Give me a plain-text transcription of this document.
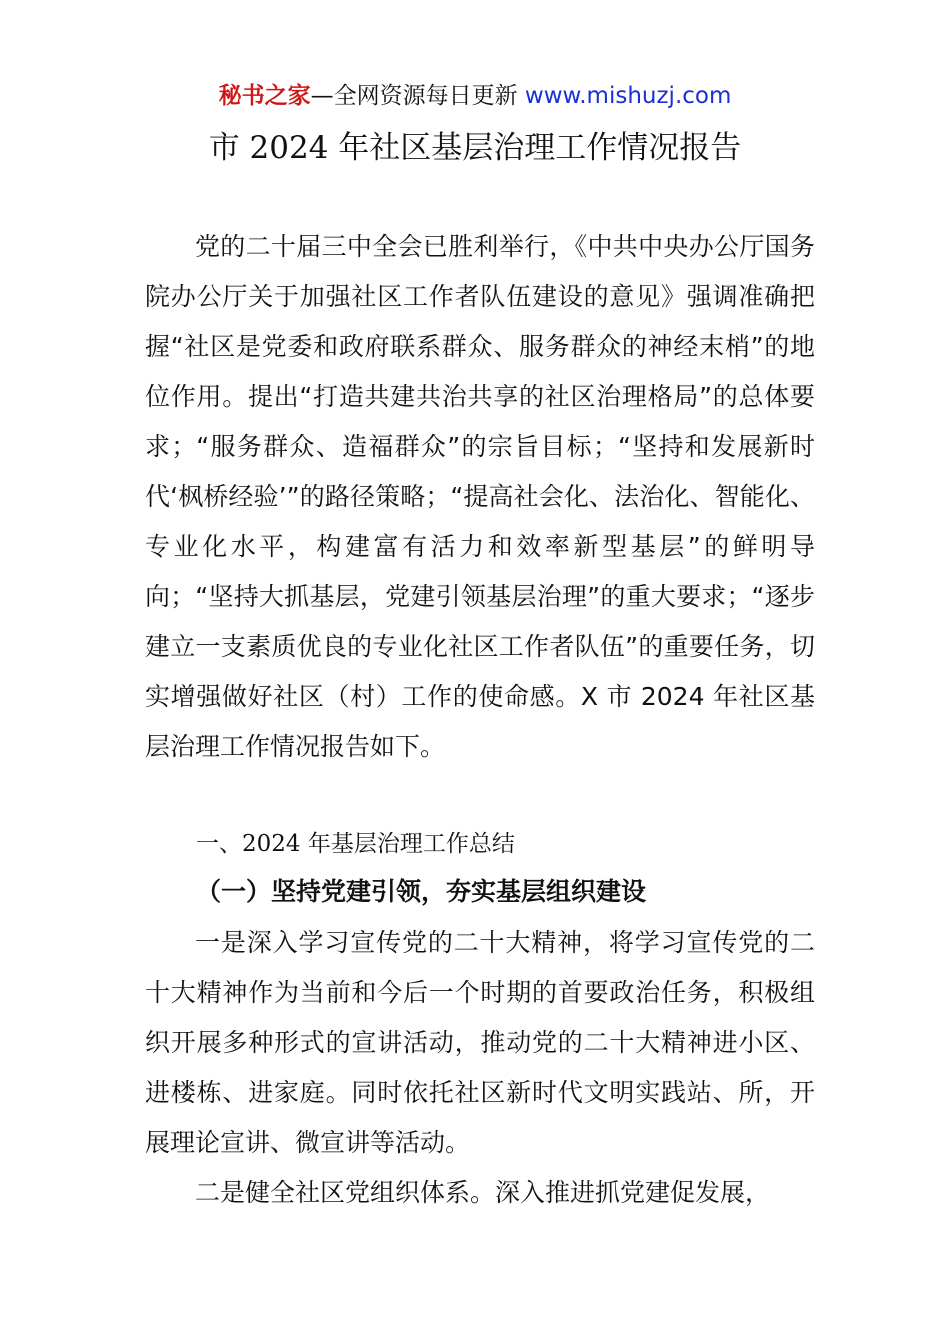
秘书之家—全网资源每日更新 www.mishuzj.com
市 2024 年社区基层治理工作情况报告

党的二十届三中全会已胜利举行，《中共中央办公厅国务院办公厅关于加强社区工作者队伍建设的意见》强调准确把握“社区是党委和政府联系群众、服务群众的神经末梢”的地位作用。提出“打造共建共治共享的社区治理格局”的总体要求；“服务群众、造福群众”的宗旨目标；“坚持和发展新时代‘枫桥经验’”的路径策略；“提高社会化、法治化、智能化、专业化水平，构建富有活力和效率新型基层”的鲜明导向；“坚持大抓基层，党建引领基层治理”的重大要求；“逐步建立一支素质优良的专业化社区工作者队伍”的重要任务，切实增强做好社区（村）工作的使命感。X 市 2024 年社区基层治理工作情况报告如下。

一、2024 年基层治理工作总结
（一）坚持党建引领，夯实基层组织建设

一是深入学习宣传党的二十大精神，将学习宣传党的二十大精神作为当前和今后一个时期的首要政治任务，积极组织开展多种形式的宣讲活动，推动党的二十大精神进小区、进楼栋、进家庭。同时依托社区新时代文明实践站、所，开展理论宣讲、微宣讲等活动。

二是健全社区党组织体系。深入推进抓党建促发展，
